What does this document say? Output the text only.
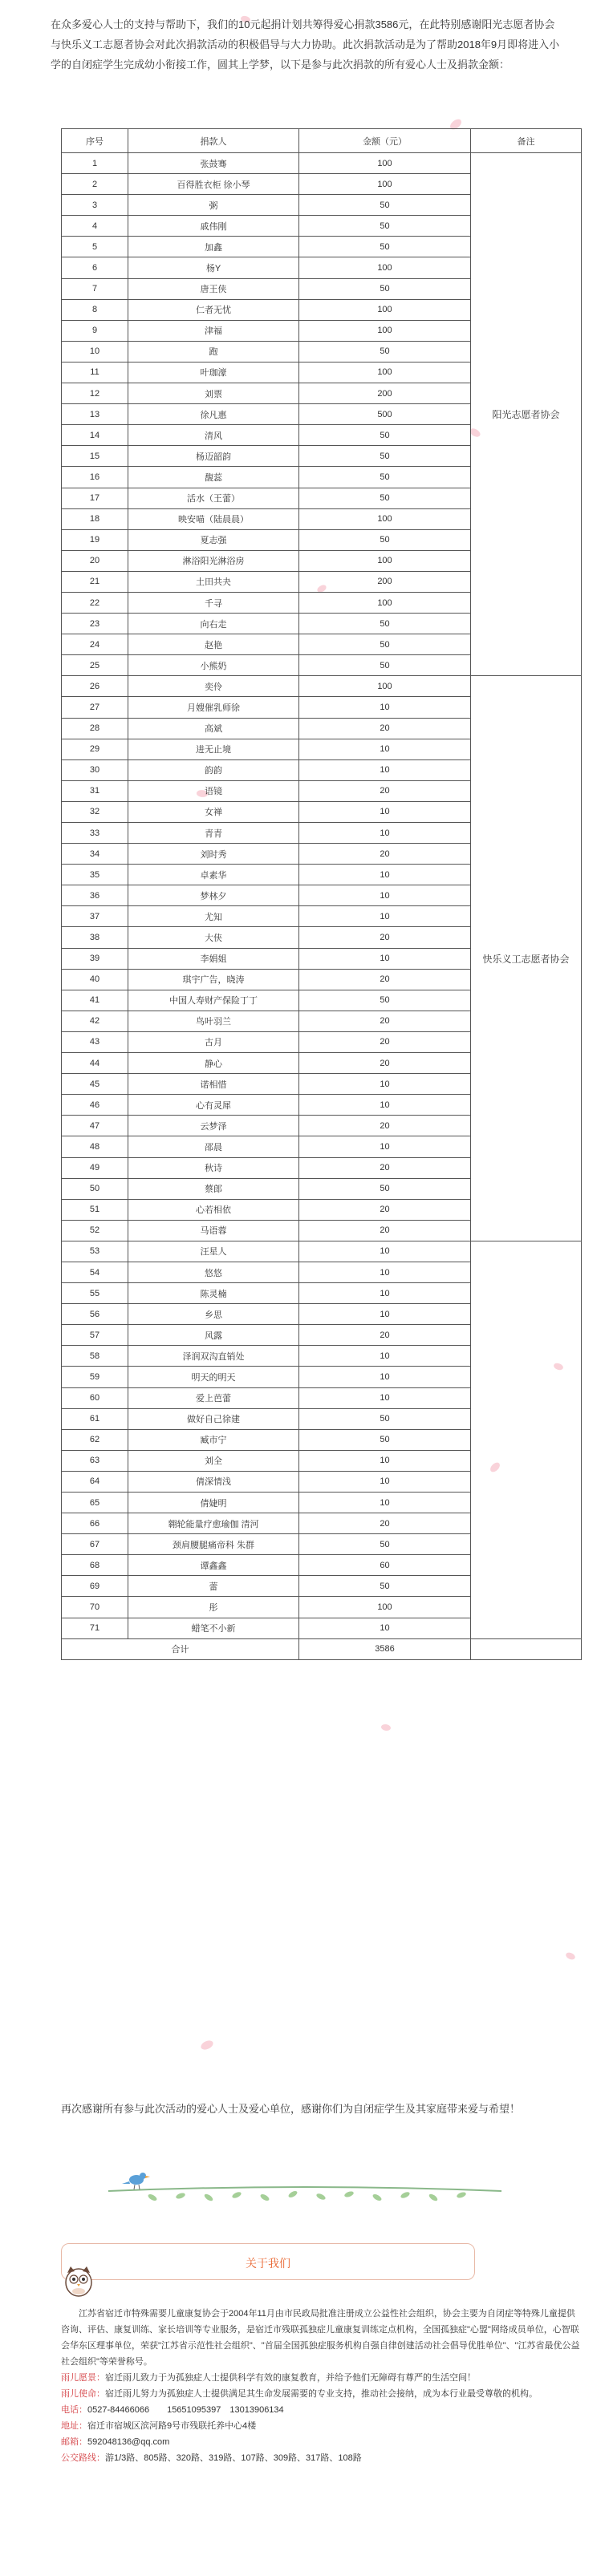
在众多爱心人士的支持与帮助下，我们的10元起捐计划共筹得爱心捐款3586元，在此特别感谢阳光志愿者协会与快乐义工志愿者协会对此次捐款活动的积极倡导与大力协助。此次捐款活动是为了帮助2018年9月即将进入小学的自闭症学生完成幼小衔接工作，圆其上学梦，以下是参与此次捐款的所有爱心人士及捐款金额：
序号	捐款人	金额（元）	备注
1	张鼓骞	100	阳光志愿者协会
2	百得胜衣柜 徐小琴	100	
3	粥	50	
4	戚伟刚	50	
5	加鑫	50	
6	杨Y	100	
7	唐王侠	50	
8	仁者无忧	100	
9	津福	100	
10	跑	50	
11	叶珈濠	100	
12	刘票	200	
13	徐凡惠	500	
14	清风	50	
15	杨迈韶韵	50	
16	馥蕊	50	
17	活水（王蕾）	50	
18	映安喵（陆晨晨）	100	
19	夏志强	50	
20	淋浴阳光淋浴房	100	
21	土田共夬	200	
22	千寻	100	
23	向右走	50	
24	赵艳	50	
25	小熊奶	50	
26	奕伶	100	快乐义工志愿者协会
27	月嫂催乳师徐	10	
28	高斌	20	
29	进无止境	10	
30	韵韵	10	
31	语镜	20	
32	女禅	10	
33	青青	10	
34	刘时秀	20	
35	卓素华	10	
36	梦林夕	10	
37	尤知	10	
38	大侠	20	
39	李娟姐	10	
40	琪宇广告，晓涛	20	
41	中国人寿财产保险丁丁	50	
42	鸟叶羽兰	20	
43	古月	20	
44	静心	20	
45	诺相惜	10	
46	心有灵犀	10	
47	云梦泽	20	
48	邵晨	10	
49	秋诗	20	
50	蔡郎	50	
51	心若相依	20	
52	马语蓉	20	
53	汪星人	10	
54	悠悠	10	
55	陈灵楠	10	
56	乡思	10	
57	风露	20	
58	泽润双沟直销处	10	
59	明天的明天	10	
60	爱上芭蕾	10	
61	做好自己徐建	50	
62	臧市宁	50	
63	刘全	10	
64	倩深情浅	10	
65	倩婕明	10	
66	翱轮能量疗愈瑜伽 清河	20	
67	颈肩腰腿痛帝科 朱群	50	
68	谭鑫鑫	60	
69	蕾	50	
70	彤	100	
71	蜡笔不小新	10	
合计		3586	
再次感谢所有参与此次活动的爱心人士及爱心单位，感谢你们为自闭症学生及其家庭带来爱与希望！
关于我们

江苏省宿迁市特殊需要儿童康复协会于2004年11月由市民政局批准注册成立公益性社会组织，协会主要为自闭症等特殊儿童提供咨询、评估、康复训练、家长培训等专业服务，是宿迁市残联孤独症儿童康复训练定点机构，全国孤独症"心盟"网络成员单位，心智联会华东区理事单位，荣获"江苏省示范性社会组织"、"首届全国孤独症服务机构自强自律创建活动社会倡导优胜单位"、"江苏省最优公益社会组织"等荣誉称号。

雨儿愿景：宿迁雨儿致力于为孤独症人士提供科学有效的康复教育，并给予他们无障碍有尊严的生活空间！

雨儿使命：宿迁雨儿努力为孤独症人士提供满足其生命发展需要的专业支持，推动社会接纳，成为本行业最受尊敬的机构。

电话：0527-84466066　　15651095397　13013906134

地址：宿迁市宿城区滨河路9号市残联托养中心4楼

邮箱：592048136@qq.com

公交路线：游1/3路、805路、320路、319路、107路、309路、317路、108路
